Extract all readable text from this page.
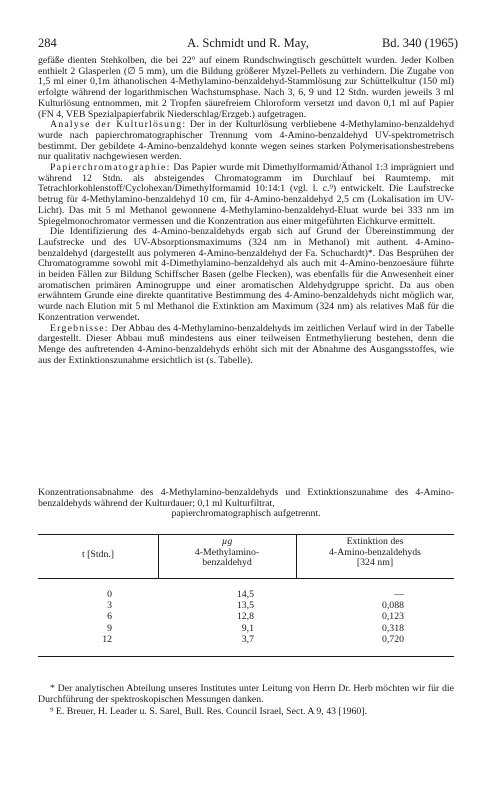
284	A. Schmidt und R. May,	Bd. 340 (1965)

gefäße dienten Stehkolben, die bei 22° auf einem Rundschwingtisch geschüttelt wurden. Jeder Kolben enthielt 2 Glasperlen (∅ 5 mm), um die Bildung größerer Myzel-Pellets zu verhindern. Die Zugabe von 1,5 ml einer 0,1m äthanolischen 4-Methylamino-benzaldehyd-Stammlösung zur Schüttelkultur (150 ml) erfolgte während der logarithmischen Wachstumsphase. Nach 3, 6, 9 und 12 Stdn. wurden jeweils 3 ml Kulturlösung entnommen, mit 2 Tropfen säurefreiem Chloroform versetzt und davon 0,1 ml auf Papier (FN 4, VEB Spezialpapierfabrik Niederschlag/Erzgeb.) aufgetragen.

Analyse der Kulturlösung: Der in der Kulturlösung verbliebene 4-Methylamino-benzaldehyd wurde nach papierchromatographischer Trennung vom 4-Amino-benzaldehyd UV-spektrometrisch bestimmt. Der gebildete 4-Amino-benzaldehyd konnte wegen seines starken Polymerisationsbestrebens nur qualitativ nachgewiesen werden.

Papierchromatographie: Das Papier wurde mit Dimethylformamid/Äthanol 1:3 imprägniert und während 12 Stdn. als absteigendes Chromatogramm im Durchlauf bei Raumtemp. mit Tetrachlorkohlenstoff/Cyclohexan/Dimethylformamid 10:14:1 (vgl. l. c.⁹) entwickelt. Die Laufstrecke betrug für 4-Methylamino-benzaldehyd 10 cm, für 4-Amino-benzaldehyd 2,5 cm (Lokalisation im UV-Licht). Das mit 5 ml Methanol gewonnene 4-Methylamino-benzaldehyd-Eluat wurde bei 333 nm im Spiegelmonochromator vermessen und die Konzentration aus einer mitgeführten Eichkurve ermittelt.

Die Identifizierung des 4-Amino-benzaldehyds ergab sich auf Grund der Übereinstimmung der Laufstrecke und des UV-Absorptionsmaximums (324 nm in Methanol) mit authent. 4-Amino-benzaldehyd (dargestellt aus polymeren 4-Amino-benzaldehyd der Fa. Schuchardt)*. Das Besprühen der Chromatogramme sowohl mit 4-Dimethylamino-benzaldehyd als auch mit 4-Amino-benzoesäure führte in beiden Fällen zur Bildung Schiffscher Basen (gelbe Flecken), was ebenfalls für die Anwesenheit einer aromatischen primären Aminogruppe und einer aromatischen Aldehydgruppe spricht. Da aus oben erwähntem Grunde eine direkte quantitative Bestimmung des 4-Amino-benzaldehyds nicht möglich war, wurde nach Elution mit 5 ml Methanol die Extinktion am Maximum (324 nm) als relatives Maß für die Konzentration verwendet.

Ergebnisse: Der Abbau des 4-Methylamino-benzaldehyds im zeitlichen Verlauf wird in der Tabelle dargestellt. Dieser Abbau muß mindestens aus einer teilweisen Entmethylierung bestehen, denn die Menge des auftretenden 4-Amino-benzaldehyds erhöht sich mit der Abnahme des Ausgangsstoffes, wie aus der Extinktionszunahme ersichtlich ist (s. Tabelle).

Konzentrationsabnahme des 4-Methylamino-benzaldehyds und Extinktionszunahme des 4-Amino-benzaldehyds während der Kulturdauer; 0,1 ml Kulturfiltrat,
papierchromatographisch aufgetrennt.
t [Stdn.]
µg
4-Methylamino-
benzaldehyd
Extinktion des
4-Amino-benzaldehyds
[324 nm]
0	14,5	—
3	13,5	0,088
6	12,8	0,123
9	9,1	0,318
12	3,7	0,720

* Der analytischen Abteilung unseres Institutes unter Leitung von Herrn Dr. Herb möchten wir für die Durchführung der spektroskopischen Messungen danken.

⁹ E. Breuer, H. Leader u. S. Sarel, Bull. Res. Council Israel, Sect. A 9, 43 [1960].
